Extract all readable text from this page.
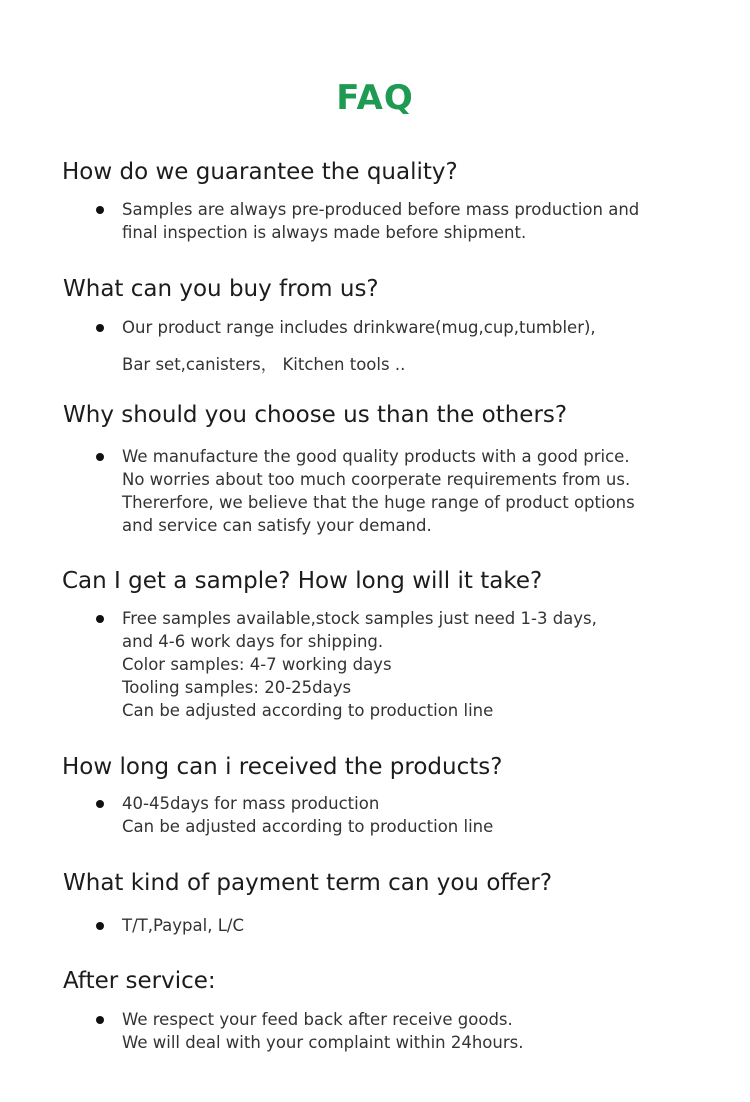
FAQ
How do we guarantee the quality?
Samples are always pre-produced before mass production and
final inspection is always made before shipment.
What can you buy from us?
Our product range includes drinkware(mug,cup,tumbler),
Bar set,canisters， Kitchen tools ..
Why should you choose us than the others?
We manufacture the good quality products with a good price.
No worries about too much coorperate requirements from us.
Thererfore, we believe that the huge range of product options
and service can satisfy your demand.
Can I get a sample? How long will it take?
Free samples available,stock samples just need 1-3 days,
and 4-6 work days for shipping.
Color samples: 4-7 working days
Tooling samples: 20-25days
Can be adjusted according to production line
How long can i received the products?
40-45days for mass production
Can be adjusted according to production line
What kind of payment term can you offer?
T/T,Paypal, L/C
After service:
We respect your feed back after receive goods.
We will deal with your complaint within 24hours.
